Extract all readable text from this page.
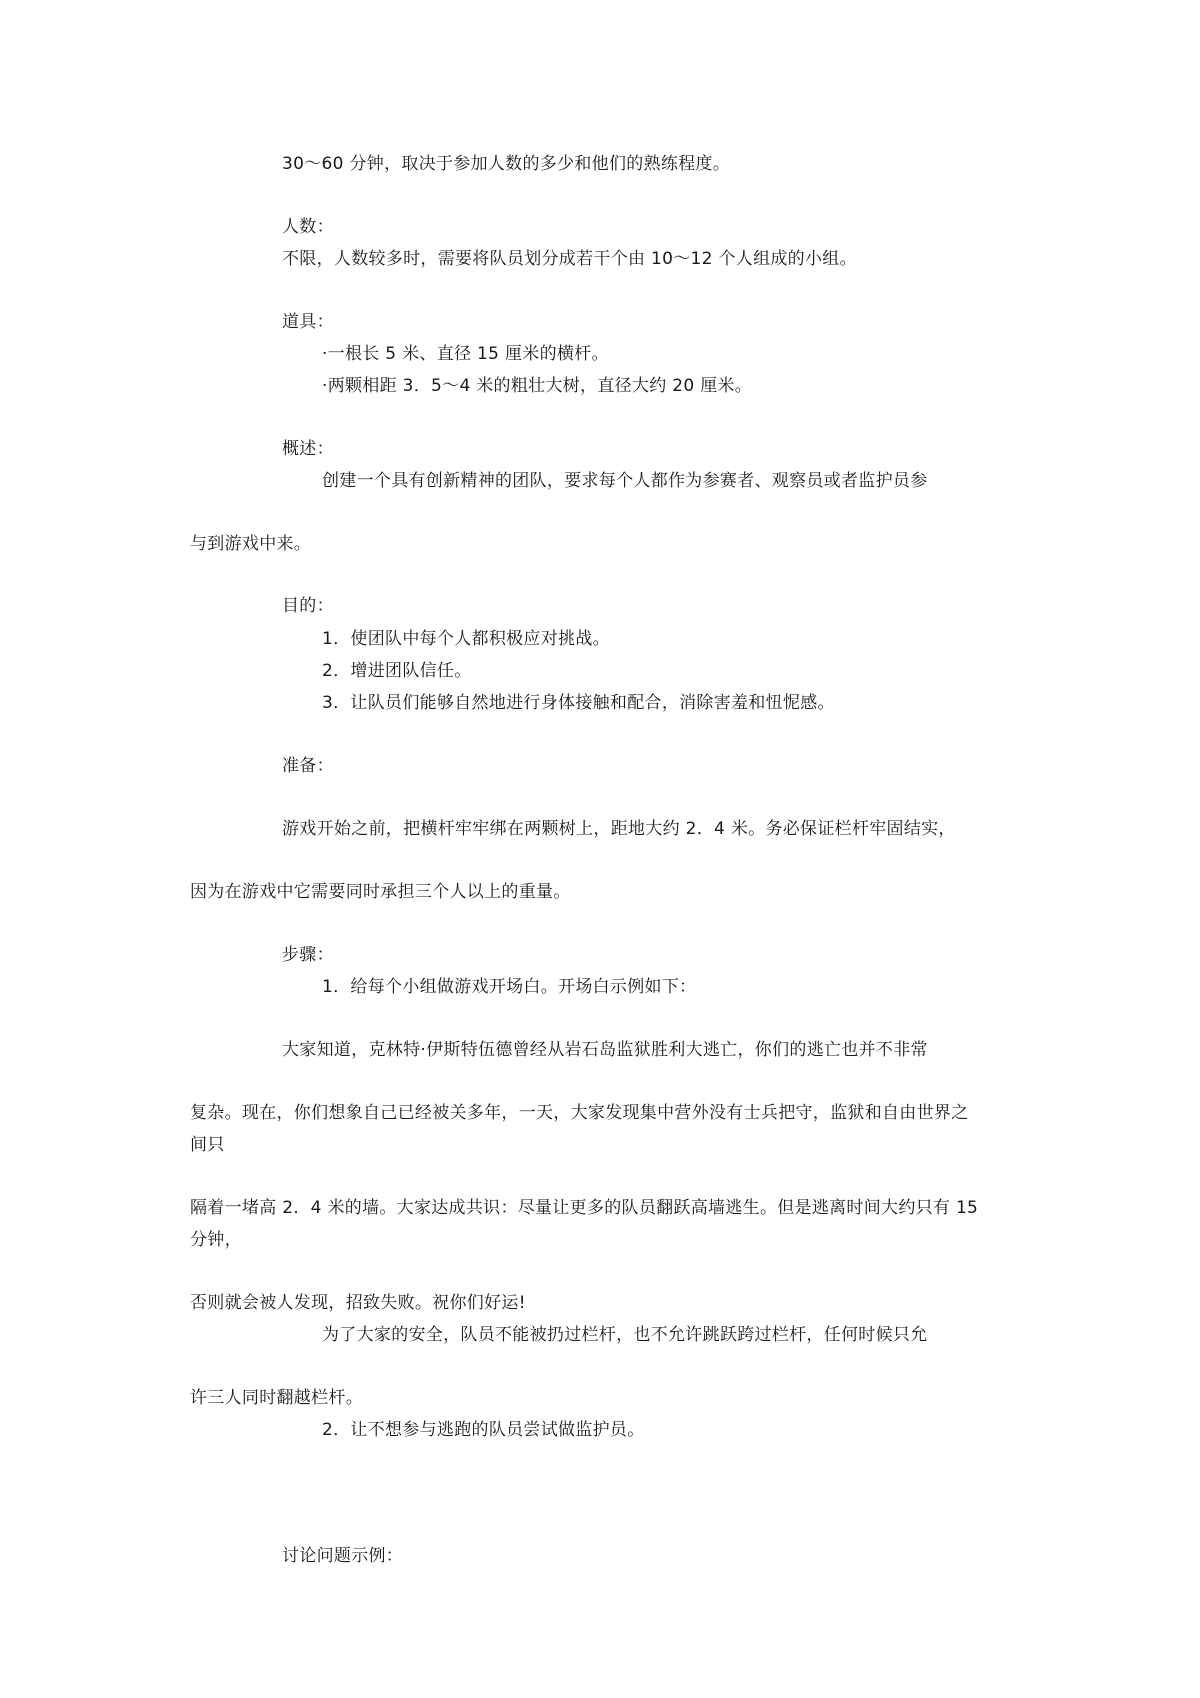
30～60 分钟，取决于参加人数的多少和他们的熟练程度。
人数：
不限，人数较多时，需要将队员划分成若干个由 10～12 个人组成的小组。
道具：
·一根长 5 米、直径 15 厘米的横杆。
·两颗相距 3．5～4 米的粗壮大树，直径大约 20 厘米。
概述：
创建一个具有创新精神的团队，要求每个人都作为参赛者、观察员或者监护员参
与到游戏中来。
目的：
1．使团队中每个人都积极应对挑战。
2．增进团队信任。
3．让队员们能够自然地进行身体接触和配合，消除害羞和忸怩感。
准备：
游戏开始之前，把横杆牢牢绑在两颗树上，距地大约 2．4 米。务必保证栏杆牢固结实，
因为在游戏中它需要同时承担三个人以上的重量。
步骤：
1．给每个小组做游戏开场白。开场白示例如下：
大家知道，克林特·伊斯特伍德曾经从岩石岛监狱胜利大逃亡，你们的逃亡也并不非常
复杂。现在，你们想象自己已经被关多年，一天，大家发现集中营外没有士兵把守，监狱和自由世界之
间只
隔着一堵高 2．4 米的墙。大家达成共识：尽量让更多的队员翻跃高墙逃生。但是逃离时间大约只有 15
分钟，
否则就会被人发现，招致失败。祝你们好运!
为了大家的安全，队员不能被扔过栏杆，也不允许跳跃跨过栏杆，任何时候只允
许三人同时翻越栏杆。
2．让不想参与逃跑的队员尝试做监护员。
讨论问题示例：
